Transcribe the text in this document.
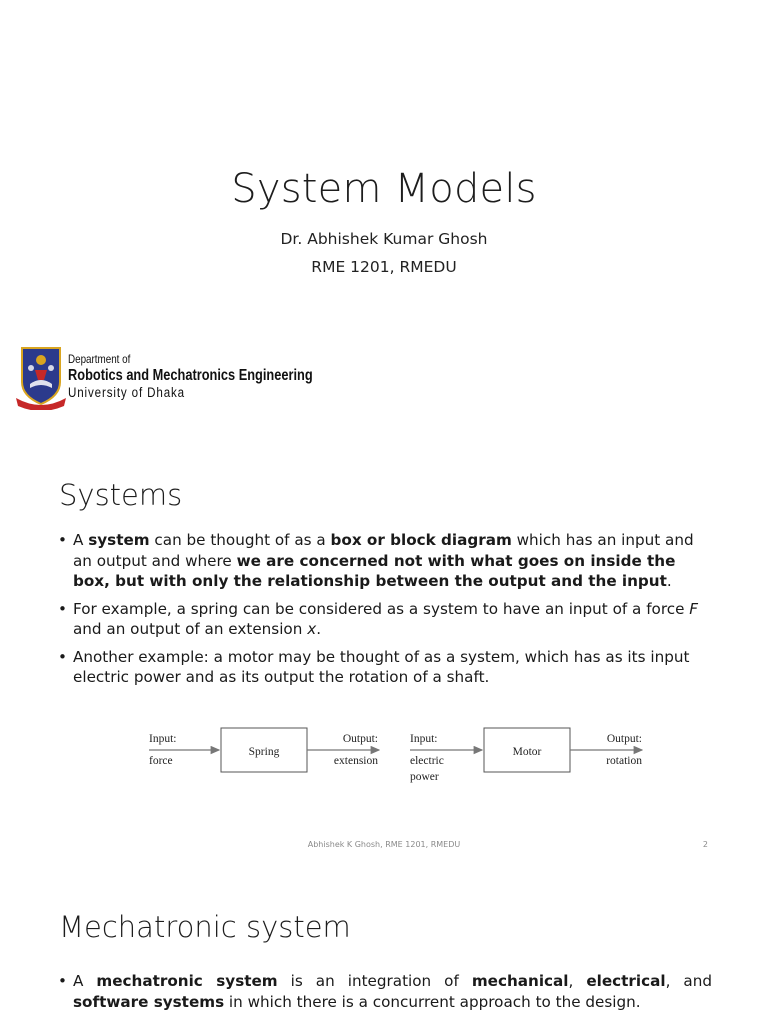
System Models
Dr. Abhishek Kumar Ghosh
RME 1201, RMEDU
Department of
Robotics and Mechatronics Engineering
University of Dhaka
Systems
• A system can be thought of as a box or block diagram which has an input and an output and where we are concerned not with what goes on inside the box, but with only the relationship between the output and the input.
• For example, a spring can be considered as a system to have an input of a force F and an output of an extension x.
• Another example: a motor may be thought of as a system, which has as its input electric power and as its output the rotation of a shaft.
Input:
force
Spring
Output:
extension
Input:
electric
power
Motor
Output:
rotation
Abhishek K Ghosh, RME 1201, RMEDU	2
Mechatronic system
• A mechatronic system is an integration of mechanical, electrical, and software systems in which there is a concurrent approach to the design.
